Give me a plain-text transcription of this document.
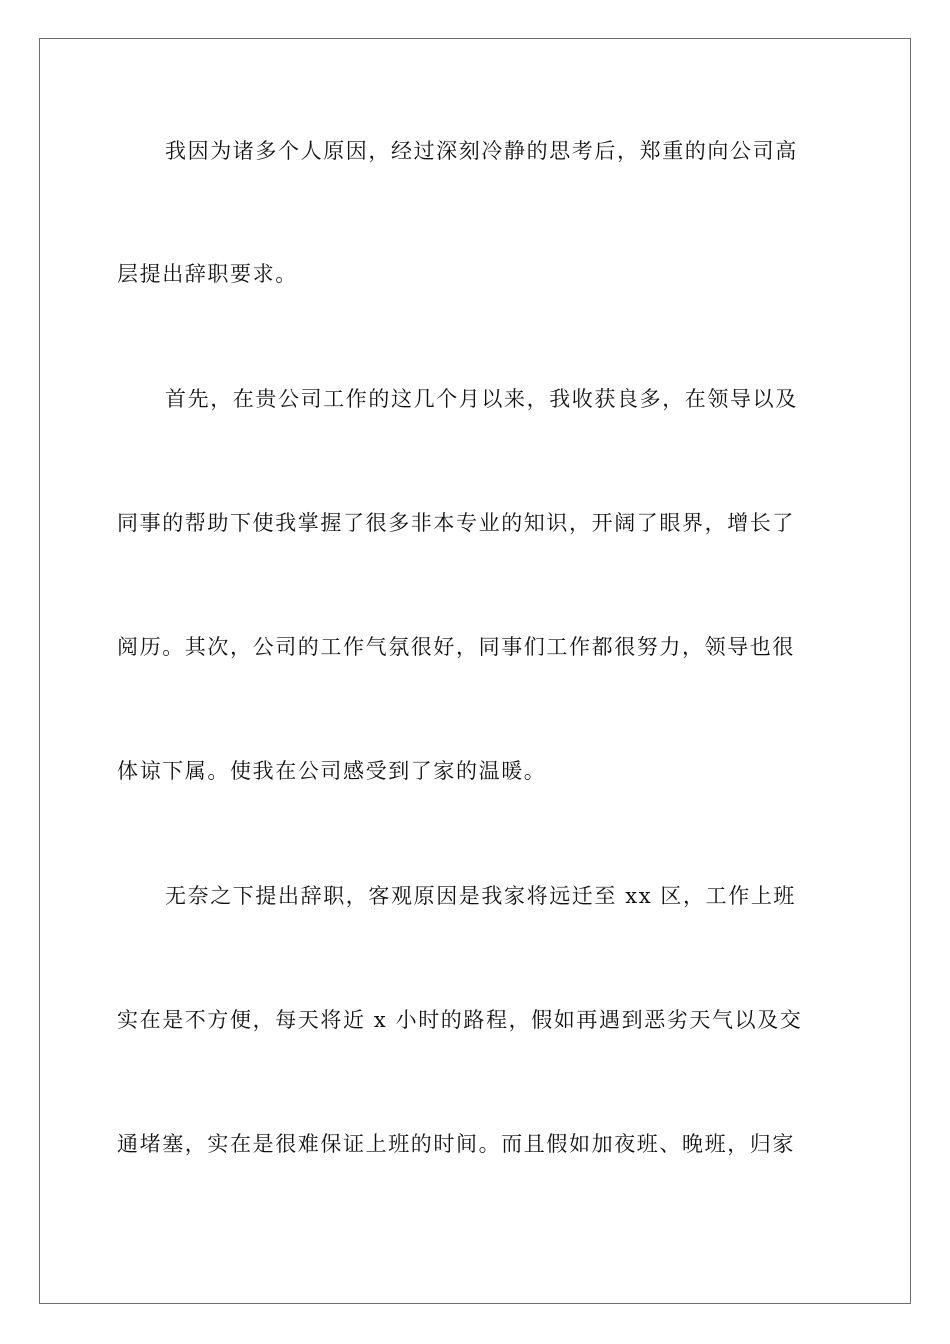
我因为诸多个人原因，经过深刻冷静的思考后，郑重的向公司高
层提出辞职要求。
首先，在贵公司工作的这几个月以来，我收获良多，在领导以及
同事的帮助下使我掌握了很多非本专业的知识，开阔了眼界，增长了
阅历。其次，公司的工作气氛很好，同事们工作都很努力，领导也很
体谅下属。使我在公司感受到了家的温暖。
无奈之下提出辞职，客观原因是我家将远迁至 xx 区，工作上班
实在是不方便，每天将近 x 小时的路程，假如再遇到恶劣天气以及交
通堵塞，实在是很难保证上班的时间。而且假如加夜班、晚班，归家
